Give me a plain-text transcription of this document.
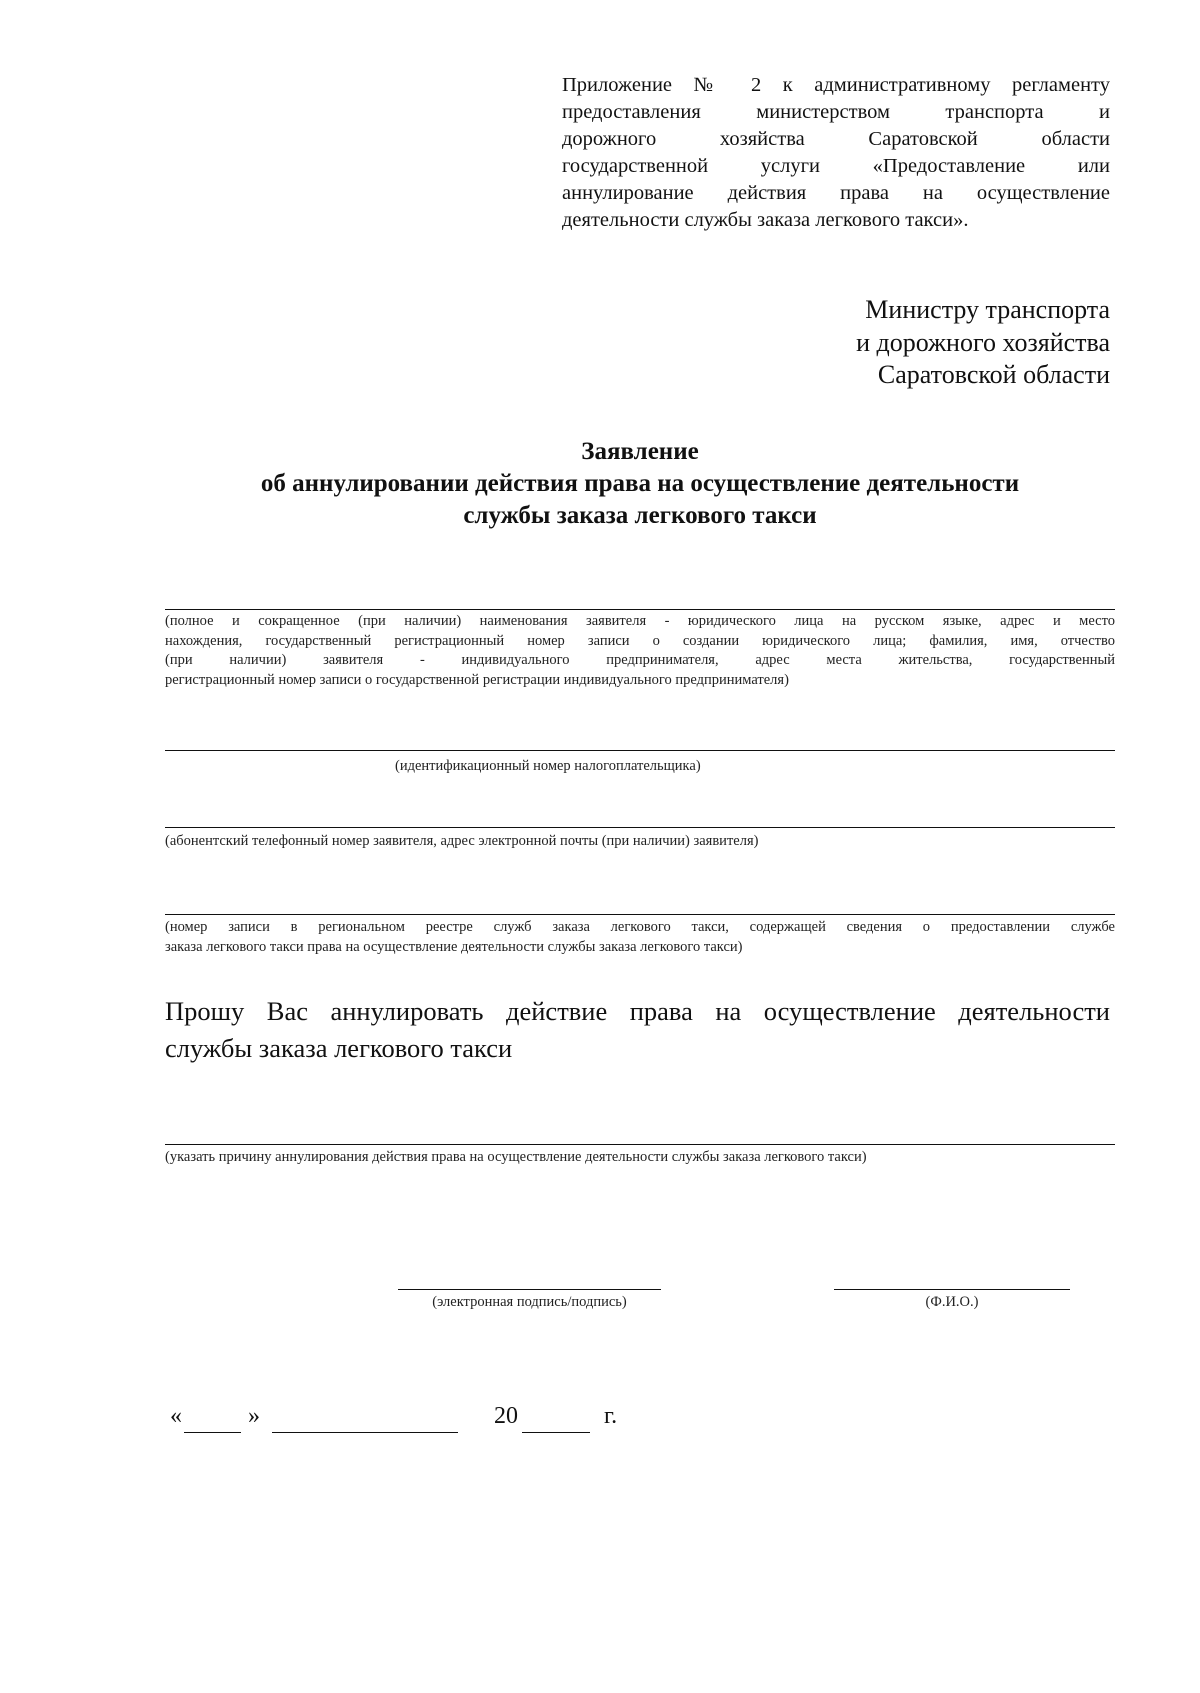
Приложение № 2 к административному регламенту
предоставления министерством транспорта и
дорожного хозяйства Саратовской области
государственной услуги «Предоставление или
аннулирование действия права на осуществление
деятельности службы заказа легкового такси».
Министру транспорта
и дорожного хозяйства
Саратовской области
Заявление
об аннулировании действия права на осуществление деятельности
службы заказа легкового такси
(полное и сокращенное (при наличии) наименования заявителя - юридического лица на русском языке, адрес и место
нахождения, государственный регистрационный номер записи о создании юридического лица; фамилия, имя, отчество
(при наличии) заявителя - индивидуального предпринимателя, адрес места жительства, государственный
регистрационный номер записи о государственной регистрации индивидуального предпринимателя)
(идентификационный номер налогоплательщика)
(абонентский телефонный номер заявителя, адрес электронной почты (при наличии) заявителя)
(номер записи в региональном реестре служб заказа легкового такси, содержащей сведения о предоставлении службе
заказа легкового такси права на осуществление деятельности службы заказа легкового такси)
Прошу Вас аннулировать действие права на осуществление деятельности
службы заказа легкового такси
(указать причину аннулирования действия права на осуществление деятельности службы заказа легкового такси)
(электронная подпись/подпись)	(Ф.И.О.)
«	»	20	г.
